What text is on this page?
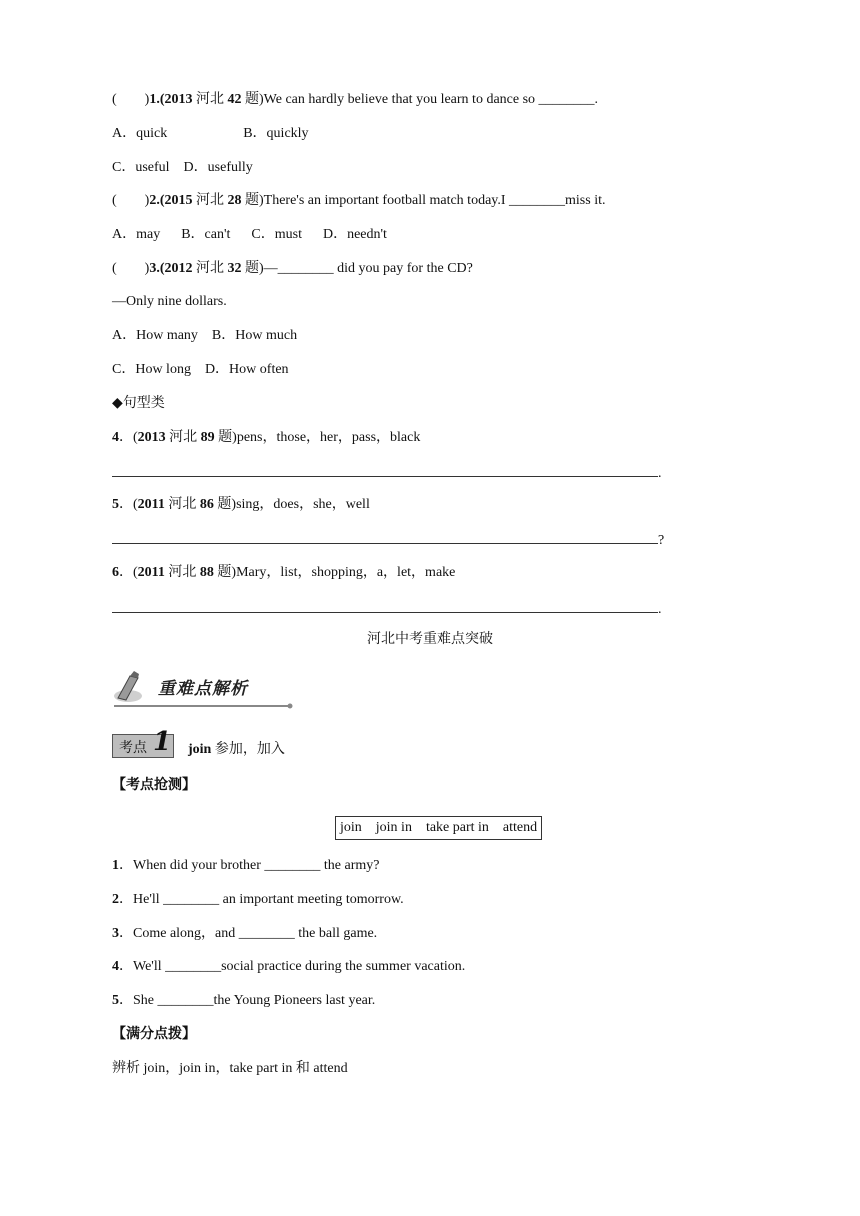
(        )1.(2013 河北 42 题)We can hardly believe that you learn to dance so ________.
A．quick	B．quickly
C．useful    D．usefully
(        )2.(2015 河北 28 题)There's an important football match today.I ________miss it.
A．may      B．can't      C．must      D．needn't
(        )3.(2012 河北 32 题)—________ did you pay for the CD?
—Only nine dollars.
A．How many    B．How much
C．How long    D．How often
◆句型类
4．(2013 河北 89 题)pens，those，her，pass，black
.
5．(2011 河北 86 题)sing，does，she，well
?
6．(2011 河北 88 题)Mary，list，shopping，a，let，make
.
河北中考重难点突破
重难点解析
考点 1 join 参加，加入
【考点抢测】
join    join in    take part in    attend
1．When did your brother ________ the army?
2．He'll ________ an important meeting tomorrow.
3．Come along，and ________ the ball game.
4．We'll ________social practice during the summer vacation.
5．She ________the Young Pioneers last year.
【满分点拨】
辨析 join，join in，take part in 和 attend
